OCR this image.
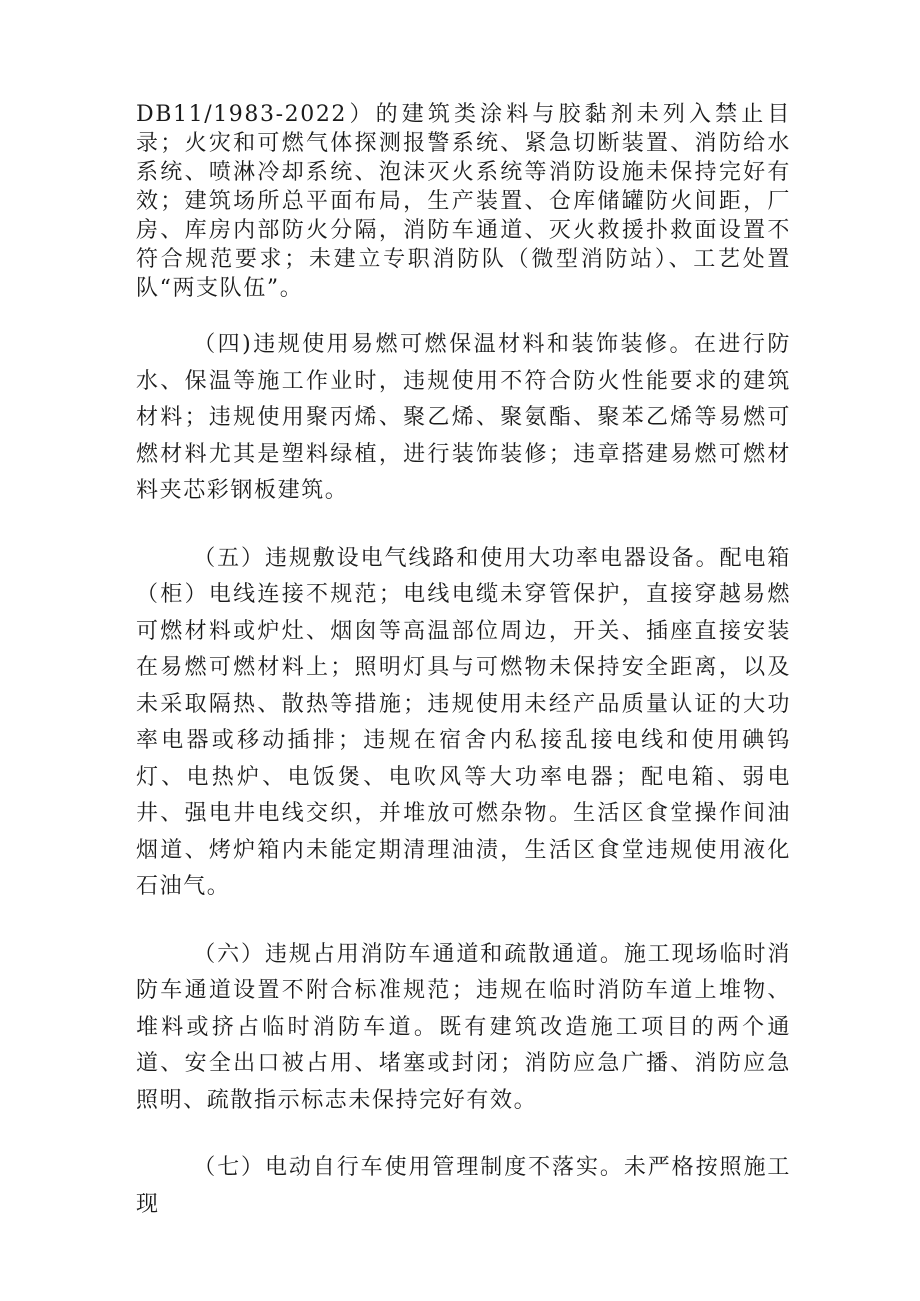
DB11/1983-2022）的建筑类涂料与胶黏剂未列入禁止目录；火灾和可燃气体探测报警系统、紧急切断装置、消防给水系统、喷淋冷却系统、泡沫灭火系统等消防设施未保持完好有效；建筑场所总平面布局，生产装置、仓库储罐防火间距，厂房、库房内部防火分隔，消防车通道、灭火救援扑救面设置不符合规范要求；未建立专职消防队（微型消防站）、工艺处置队“两支队伍”。

（四)违规使用易燃可燃保温材料和装饰装修。在进行防水、保温等施工作业时，违规使用不符合防火性能要求的建筑材料；违规使用聚丙烯、聚乙烯、聚氨酯、聚苯乙烯等易燃可燃材料尤其是塑料绿植，进行装饰装修；违章搭建易燃可燃材料夹芯彩钢板建筑。

（五）违规敷设电气线路和使用大功率电器设备。配电箱（柜）电线连接不规范；电线电缆未穿管保护，直接穿越易燃可燃材料或炉灶、烟囱等高温部位周边，开关、插座直接安装在易燃可燃材料上；照明灯具与可燃物未保持安全距离，以及未采取隔热、散热等措施；违规使用未经产品质量认证的大功率电器或移动插排；违规在宿舍内私接乱接电线和使用碘钨灯、电热炉、电饭煲、电吹风等大功率电器；配电箱、弱电井、强电井电线交织，并堆放可燃杂物。生活区食堂操作间油烟道、烤炉箱内未能定期清理油渍，生活区食堂违规使用液化石油气。

（六）违规占用消防车通道和疏散通道。施工现场临时消防车通道设置不附合标准规范；违规在临时消防车道上堆物、堆料或挤占临时消防车道。既有建筑改造施工项目的两个通道、安全出口被占用、堵塞或封闭；消防应急广播、消防应急照明、疏散指示标志未保持完好有效。

（七）电动自行车使用管理制度不落实。未严格按照施工现
